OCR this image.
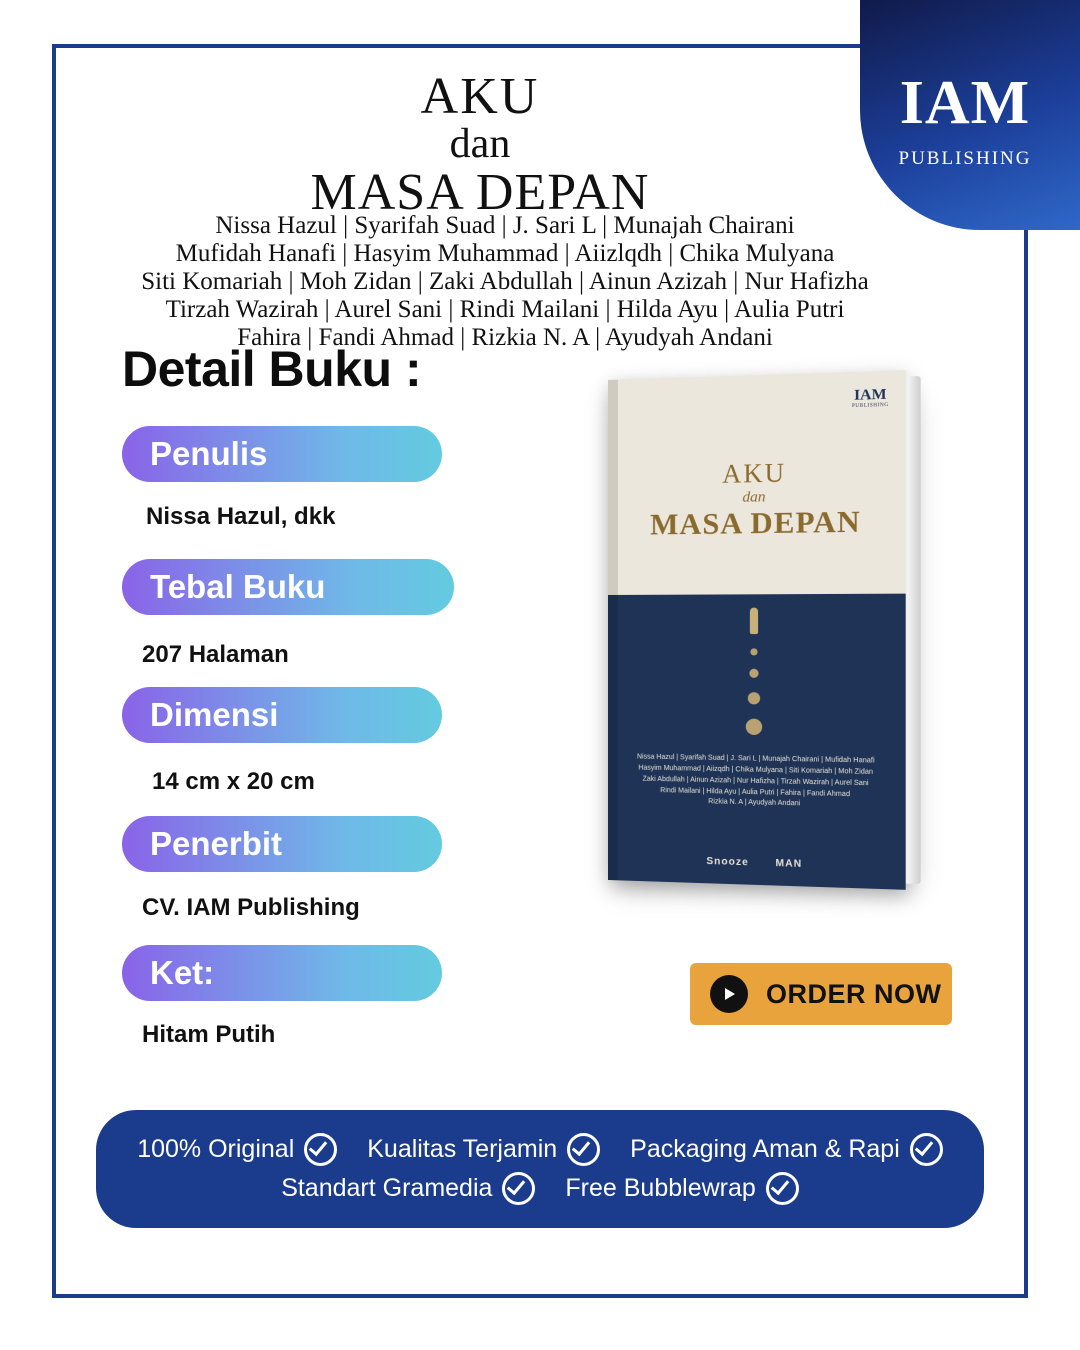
IAM
PUBLISHING
AKU
dan
MASA DEPAN
Nissa Hazul | Syarifah Suad | J. Sari L | Munajah Chairani
Mufidah Hanafi | Hasyim Muhammad | Aiizlqdh | Chika Mulyana
Siti Komariah | Moh Zidan | Zaki Abdullah | Ainun Azizah | Nur Hafizha
Tirzah Wazirah | Aurel Sani | Rindi Mailani | Hilda Ayu | Aulia Putri
Fahira | Fandi Ahmad | Rizkia N. A | Ayudyah Andani
Detail Buku :
Penulis
Nissa Hazul, dkk
Tebal Buku
207 Halaman
Dimensi
14 cm x 20 cm
Penerbit
CV. IAM Publishing
Ket:
Hitam Putih
IAM
PUBLISHING
AKU
dan
MASA DEPAN
Nissa Hazul | Syarifah Suad | J. Sari L | Munajah Chairani | Mufidah Hanafi
Hasyim Muhammad | Aiizqdh | Chika Mulyana | Siti Komariah | Moh Zidan
Zaki Abdullah | Ainun Azizah | Nur Hafizha | Tirzah Wazirah | Aurel Sani
Rindi Mailani | Hilda Ayu | Aulia Putri | Fahira | Fandi Ahmad
Rizkia N. A | Ayudyah Andani
Snooze	MAN
ORDER NOW
100% Original	Kualitas Terjamin	Packaging Aman & Rapi
Standart Gramedia	Free Bubblewrap
